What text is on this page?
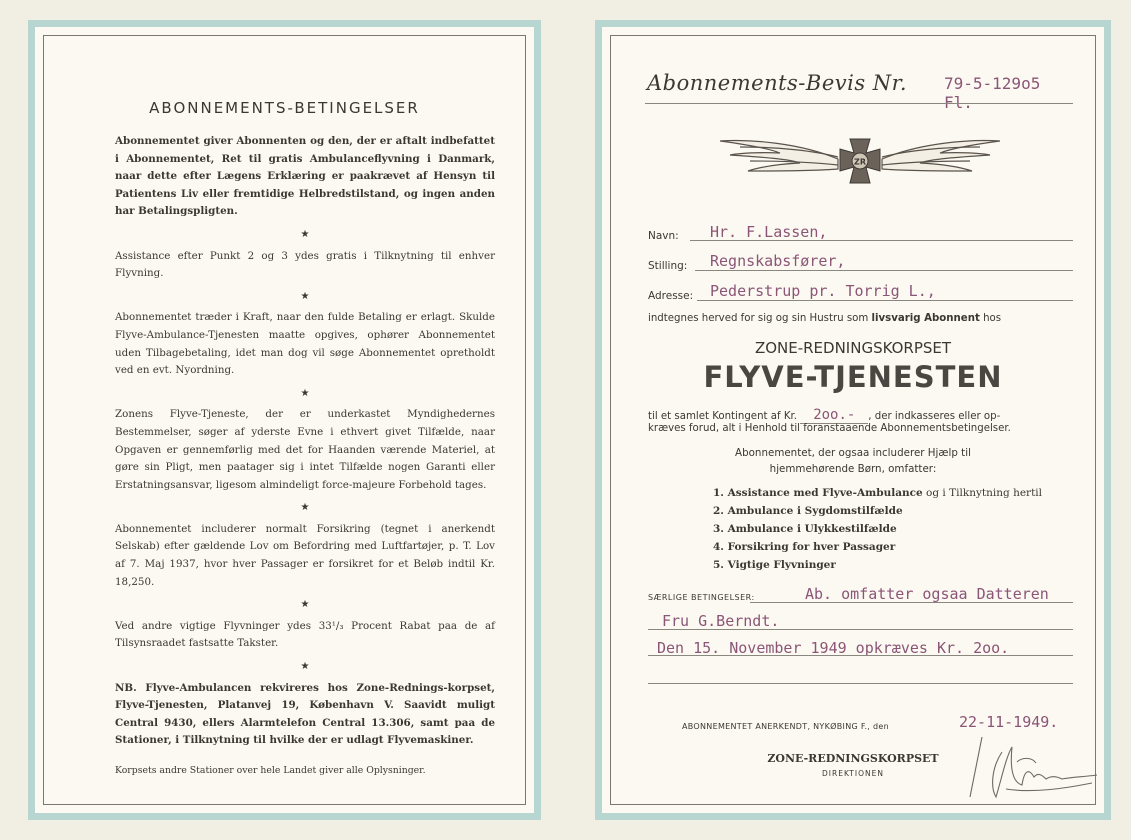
ABONNEMENTS-BETINGELSER

Abonnementet giver Abonnenten og den, der er aftalt indbefattet i Abonnementet, Ret til gratis Ambulanceflyvning i Danmark, naar dette efter Lægens Erklæring er paakrævet af Hensyn til Patientens Liv eller fremtidige Helbredstilstand, og ingen anden har Betalingspligten.

★

Assistance efter Punkt 2 og 3 ydes gratis i Tilknytning til enhver Flyvning.

★

Abonnementet træder i Kraft, naar den fulde Betaling er erlagt. Skulde Flyve-Ambulance-Tjenesten maatte opgives, ophører Abonnementet uden Tilbagebetaling, idet man dog vil søge Abonnementet opretholdt ved en evt. Nyordning.

★

Zonens Flyve-Tjeneste, der er underkastet Myndighedernes Bestemmelser, søger af yderste Evne i ethvert givet Tilfælde, naar Opgaven er gennemførlig med det for Haanden værende Materiel, at gøre sin Pligt, men paatager sig i intet Tilfælde nogen Garanti eller Erstatningsansvar, ligesom almindeligt force-majeure Forbehold tages.

★

Abonnementet includerer normalt Forsikring (tegnet i anerkendt Selskab) efter gældende Lov om Befordring med Luftfartøjer, p. T. Lov af 7. Maj 1937, hvor hver Passager er forsikret for et Beløb indtil Kr. 18,250.

★

Ved andre vigtige Flyvninger ydes 33¹/₃ Procent Rabat paa de af Tilsynsraadet fastsatte Takster.

★

NB. Flyve-Ambulancen rekvireres hos Zone-Rednings-korpset, Flyve-Tjenesten, Platanvej 19, København V. Saavidt muligt Central 9430, ellers Alarmtelefon Central 13.306, samt paa de Stationer, i Tilknytning til hvilke der er udlagt Flyvemaskiner.

Korpsets andre Stationer over hele Landet giver alle Oplysninger.

Abonnements-Bevis Nr. 79-5-129o5 Fl.
ZR
Navn: Hr. F.Lassen,
Stilling: Regnskabsfører,
Adresse: Pederstrup pr. Torrig L.,
indtegnes herved for sig og sin Hustru som livsvarig Abonnent hos
ZONE-REDNINGSKORPSET
FLYVE-TJENESTEN
til et samlet Kontingent af Kr. 2oo.- , der indkasseres eller op-
kræves forud, alt i Henhold til foranstaaende Abonnementsbetingelser.
Abonnementet, der ogsaa includerer Hjælp til
hjemmehørende Børn, omfatter:
1. Assistance med Flyve-Ambulance og i Tilknytning hertil
2. Ambulance i Sygdomstilfælde
3. Ambulance i Ulykkestilfælde
4. Forsikring for hver Passager
5. Vigtige Flyvninger
SÆRLIGE BETINGELSER:	Ab. omfatter ogsaa Datteren
Fru G.Berndt.
Den 15. November 1949 opkræves Kr. 2oo.
ABONNEMENTET ANERKENDT, NYKØBING F., den	22-11-1949.
ZONE-REDNINGSKORPSET
DIREKTIONEN
